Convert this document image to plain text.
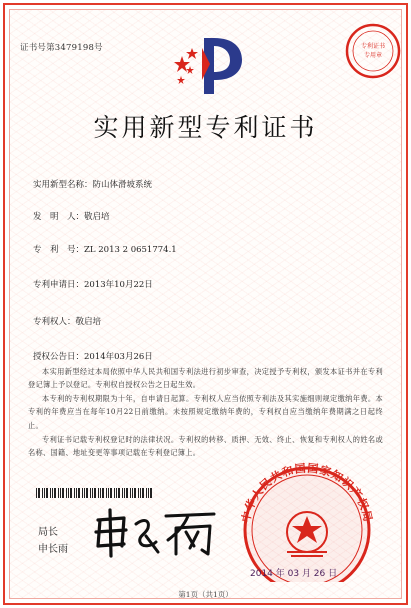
证书号第3479198号	专利证书
专用章
实用新型专利证书
实用新型名称：防山体滑坡系统
发　明　人：敬启培
专　利　号：ZL 2013 2 0651774.1
专利申请日：2013年10月22日
专利权人：敬启培
授权公告日：2014年03月26日
本实用新型经过本局依照中华人民共和国专利法进行初步审查，决定授予专利权，颁发本证书并在专利登记簿上予以登记。专利权自授权公告之日起生效。
本专利的专利权期限为十年，自申请日起算。专利权人应当依照专利法及其实施细则规定缴纳年费。本专利的年费应当在每年10月22日前缴纳。未按照规定缴纳年费的，专利权自应当缴纳年费期满之日起终止。
专利证书记载专利权登记时的法律状况。专利权的转移、质押、无效、终止、恢复和专利权人的姓名或名称、国籍、地址变更等事项记载在专利登记簿上。
局长
申长雨
中华人民共和国国家知识产权局
2014 年 03 月 26 日
第1页（共1页）
